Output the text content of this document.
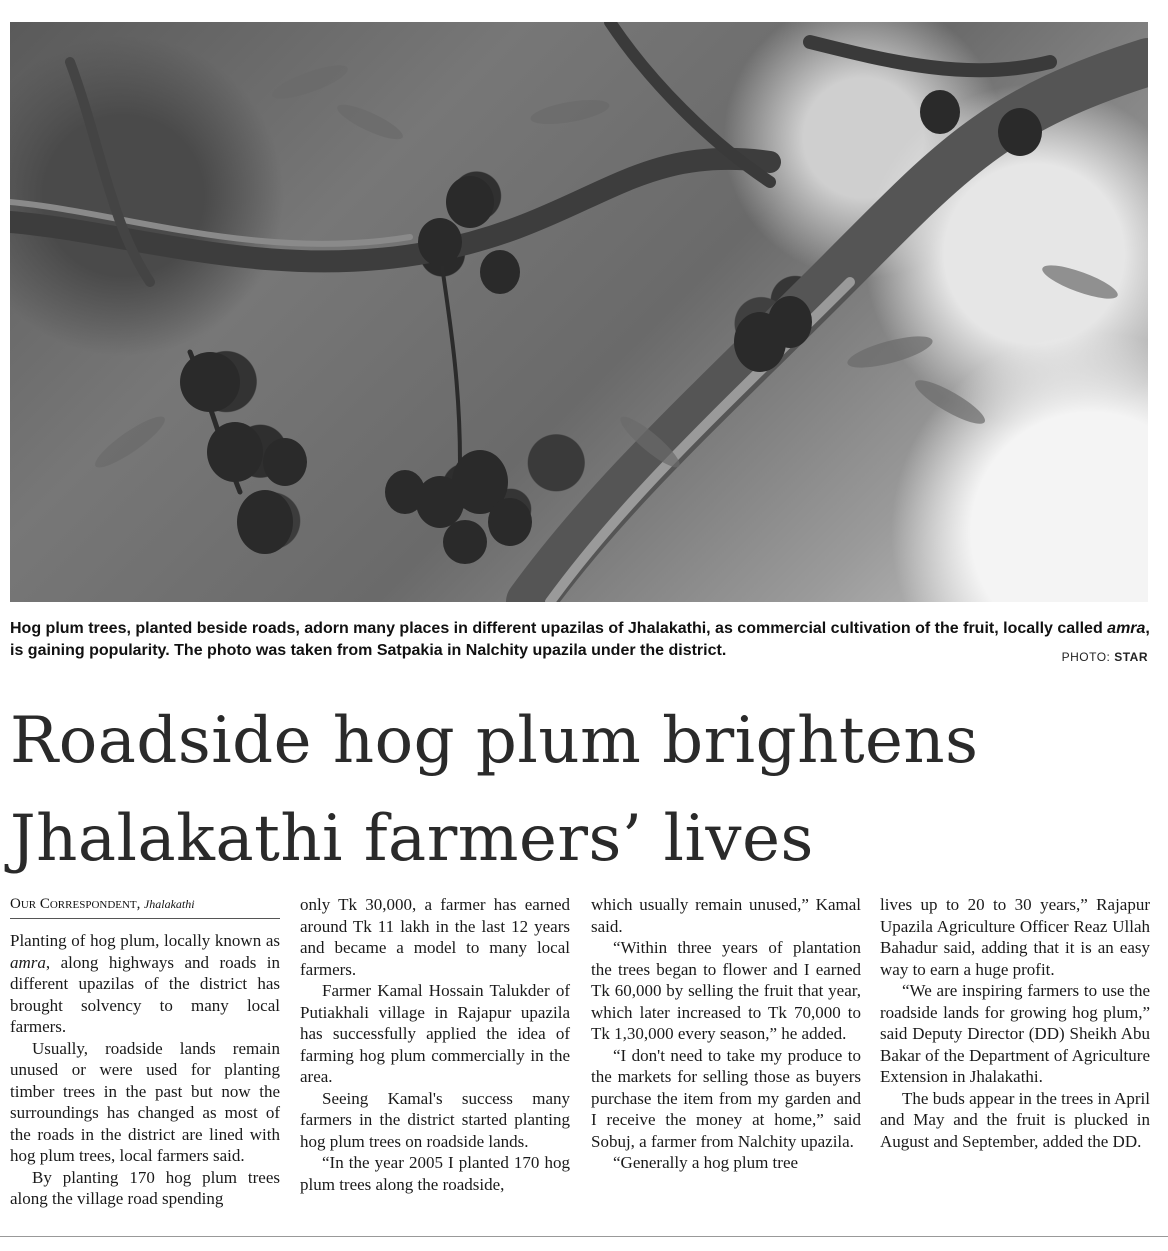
Hog plum trees, planted beside roads, adorn many places in different upazilas of Jhalakathi, as commercial cultivation of the fruit, locally called amra, is gaining popularity. The photo was taken from Satpakia in Nalchity upazila under the district.	PHOTO: STAR
Roadside hog plum brightens Jhalakathi farmers’ lives
Our Correspondent, Jhalakathi

Planting of hog plum, locally known as amra, along highways and roads in different upazilas of the district has brought solvency to many local farmers.

Usually, roadside lands remain unused or were used for planting timber trees in the past but now the surroundings has changed as most of the roads in the district are lined with hog plum trees, local farmers said.

By planting 170 hog plum trees along the village road spending

only Tk 30,000, a farmer has earned around Tk 11 lakh in the last 12 years and became a model to many local farmers.

Farmer Kamal Hossain Talukder of Putiakhali village in Rajapur upazila has successfully applied the idea of farming hog plum commercially in the area.

Seeing Kamal's success many farmers in the district started planting hog plum trees on roadside lands.

“In the year 2005 I planted 170 hog plum trees along the roadside,

which usually remain unused,” Kamal said.

“Within three years of plantation the trees began to flower and I earned Tk 60,000 by selling the fruit that year, which later increased to Tk 70,000 to Tk 1,30,000 every season,” he added.

“I don't need to take my produce to the markets for selling those as buyers purchase the item from my garden and I receive the money at home,” said Sobuj, a farmer from Nalchity upazila.

“Generally a hog plum tree

lives up to 20 to 30 years,” Rajapur Upazila Agriculture Officer Reaz Ullah Bahadur said, adding that it is an easy way to earn a huge profit.

“We are inspiring farmers to use the roadside lands for growing hog plum,” said Deputy Director (DD) Sheikh Abu Bakar of the Department of Agriculture Extension in Jhalakathi.

The buds appear in the trees in April and May and the fruit is plucked in August and September, added the DD.
